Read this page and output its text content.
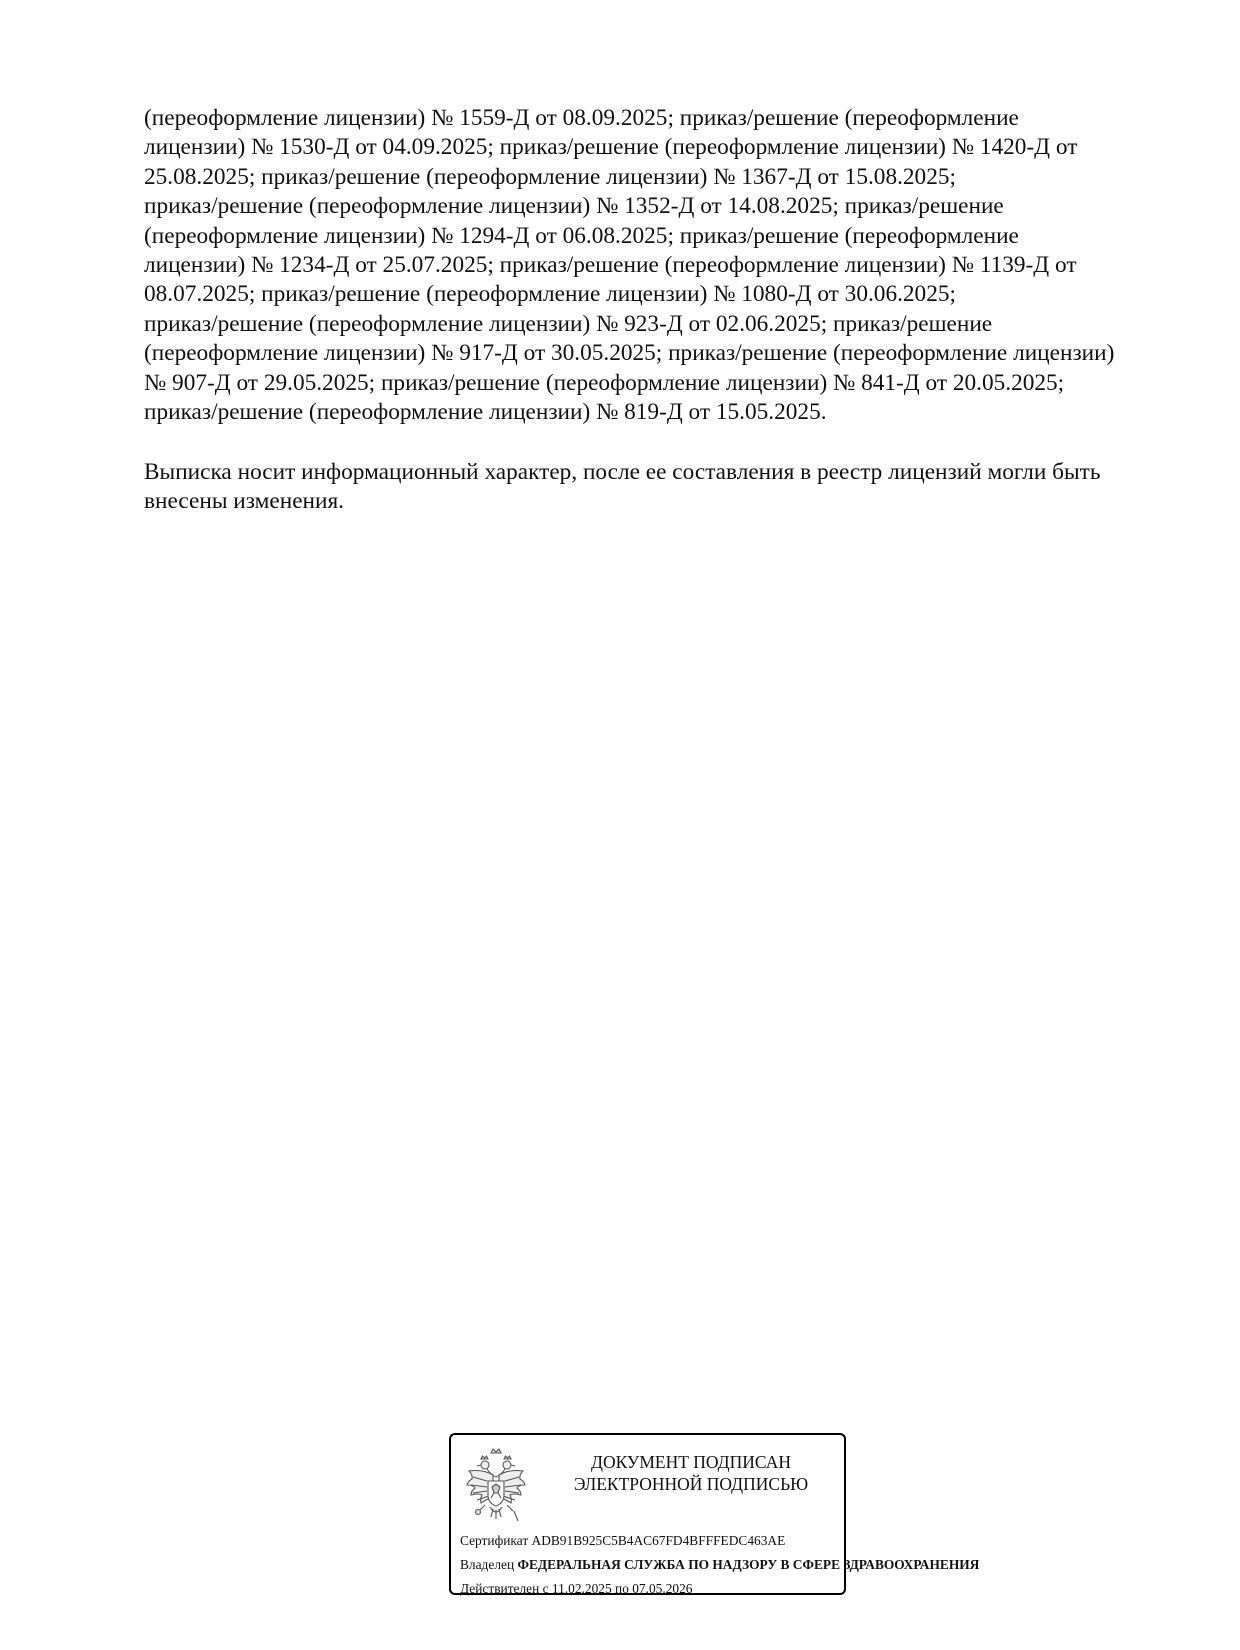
(переоформление лицензии) № 1559-Д от 08.09.2025; приказ/решение (переоформление
лицензии) № 1530-Д от 04.09.2025; приказ/решение (переоформление лицензии) № 1420-Д от
25.08.2025; приказ/решение (переоформление лицензии) № 1367-Д от 15.08.2025;
приказ/решение (переоформление лицензии) № 1352-Д от 14.08.2025; приказ/решение
(переоформление лицензии) № 1294-Д от 06.08.2025; приказ/решение (переоформление
лицензии) № 1234-Д от 25.07.2025; приказ/решение (переоформление лицензии) № 1139-Д от
08.07.2025; приказ/решение (переоформление лицензии) № 1080-Д от 30.06.2025;
приказ/решение (переоформление лицензии) № 923-Д от 02.06.2025; приказ/решение
(переоформление лицензии) № 917-Д от 30.05.2025; приказ/решение (переоформление лицензии)
№ 907-Д от 29.05.2025; приказ/решение (переоформление лицензии) № 841-Д от 20.05.2025;
приказ/решение (переоформление лицензии) № 819-Д от 15.05.2025.
Выписка носит информационный характер, после ее составления в реестр лицензий могли быть
внесены изменения.
ДОКУМЕНТ ПОДПИСАН
ЭЛЕКТРОННОЙ ПОДПИСЬЮ
Сертификат ADB91B925C5B4AC67FD4BFFFEDC463AE
Владелец ФЕДЕРАЛЬНАЯ СЛУЖБА ПО НАДЗОРУ В СФЕРЕ ЗДРАВООХРАНЕНИЯ
Действителен с 11.02.2025 по 07.05.2026
